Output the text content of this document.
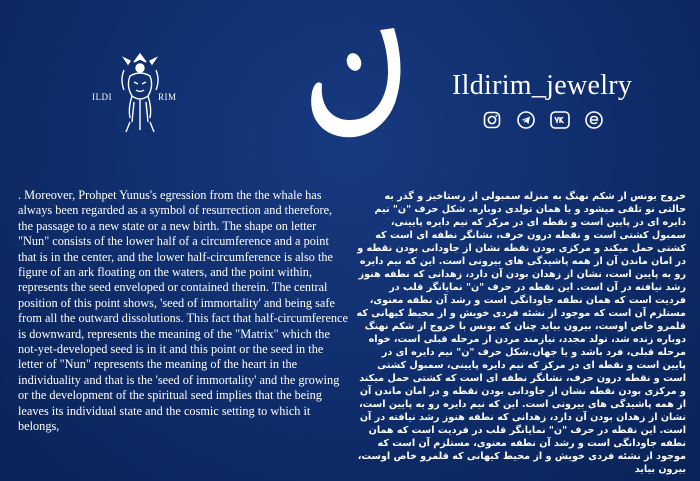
ILDI	RIM	Ildirim_jewelry
. Moreover, Prohpet Yunus's egression from the the whale has always been regarded as a symbol of resurrection and therefore, the passage to a new state or a new birth. The shape on letter "Nun" consists of the lower half of a circumference and a point that is in the center, and the lower half-circumference is also the figure of an ark floating on the waters, and the point within, represents the seed enveloped or contained therein. The central position of this point shows, 'seed of immortality' and being safe from all the outward dissolutions. This fact that half-circumference is downward, represents the meaning of the "Matrix" which the not-yet-developed seed is in it and this point or the seed in the letter of "Nun" represents the meaning of the heart in the individuality and that is the 'seed of immortality' and the growing or the development of the spiritual seed implies that the being leaves its individual state and the cosmic setting to which it belongs,
خروج یونس از شکم نهنگ به منزله سمبولی از رستاخیز و گذر به حالتی نو تلقی میشود و یا همان تولدی دوباره. شکل حرف "ن" نیم دایره ای در پایین است و نقطه ای در مرکز که نیم دایره پایینی، سمبول کشتی است و نقطه درون حرف، نشانگر نطفه ای است که کشتی حمل میکند و مرکزی بودن نقطه نشان از جاودانی بودن نقطه و در امان ماندن آن از همه پاشیدگی های بیرونی است. این که نیم دایره رو به پایین است، نشان از زهدان بودن آن دارد، زهدانی که نطفه هنوز رشد نیافته در آن است. این نقطه در حرف "ن" نمایانگر قلب در فردیت است که همان نطفه جاودانگی است و رشد آن نطفه معنوی، مستلزم آن است که موجود از نشئه فردی خویش و از محیط کیهانی که قلمرو خاص اوست، بیرون بیاید چنان که یونس با خروج از شکم نهنگ دوباره زنده شد، تولد مجدد، نیازمند مردن از مرحله قبلی است، خواه مرحله قبلی، فرد باشد و یا جهان.شکل حرف "ن" نیم دایره ای در پایین است و نقطه ای در مرکز که نیم دایره پایینی، سمبول کشتی است و نقطه درون حرف، نشانگر نطفه ای است که کشتی حمل میکند و مرکزی بودن نقطه نشان از جاودانی بودن نقطه و در امان ماندن آن از همه پاشیدگی های بیرونی است. این که نیم دایره رو به پایین است، نشان از زهدان بودن آن دارد، زهدانی که نطفه هنوز رشد نیافته در آن است. این نقطه در حرف "ن" نمایانگر قلب در فردیت است که همان نطفه جاودانگی است و رشد آن نطفه معنوی، مستلزم آن است که موجود از نشئه فردی خویش و از محیط کیهانی که قلمرو خاص اوست، بیرون بیاید
